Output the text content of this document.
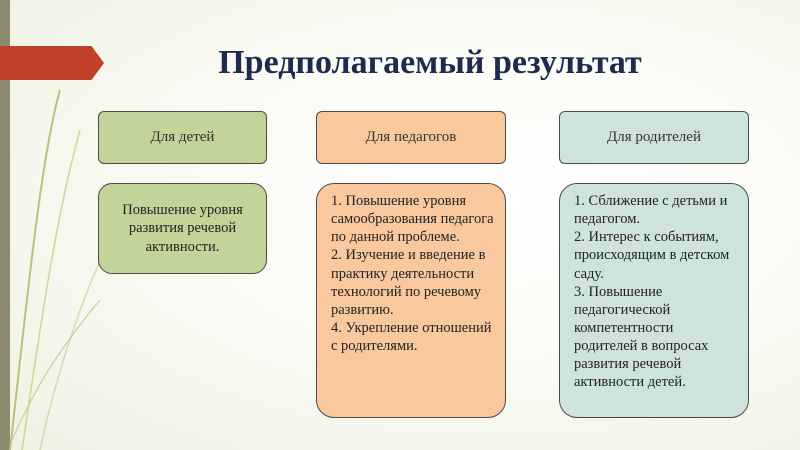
Предполагаемый результат
Для детей	Для педагогов	Для родителей
Повышение уровня развития речевой активности.
1. Повышение уровня самообразования педагога по данной проблеме.
2. Изучение и введение в практику деятельности технологий по речевому развитию.
4. Укрепление отношений с родителями.
1. Сближение с детьми и педагогом.
2. Интерес к событиям, происходящим в детском саду.
3. Повышение педагогической компетентности родителей в вопросах развития речевой активности детей.
